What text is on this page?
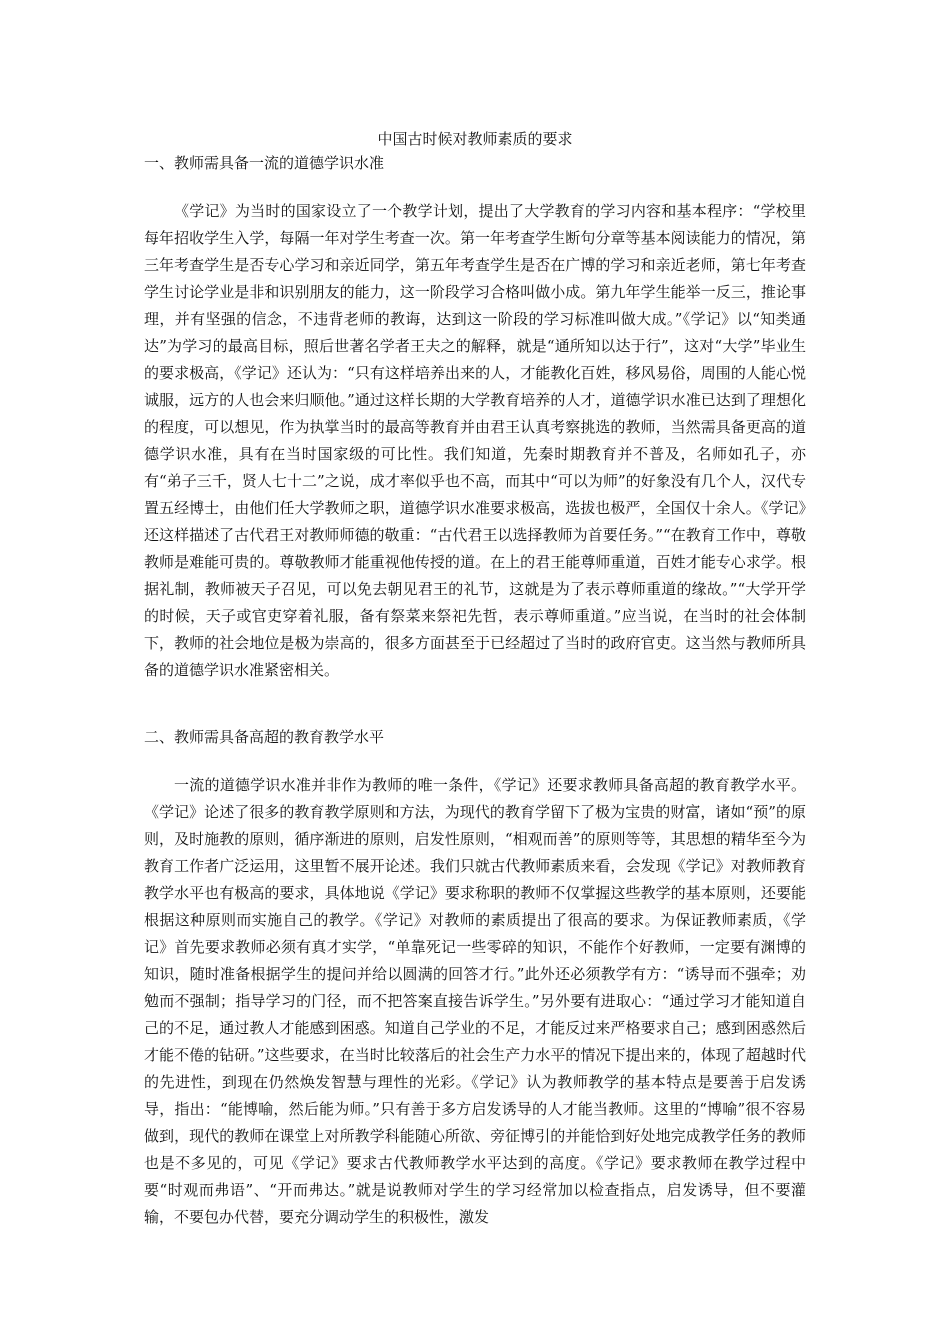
中国古时候对教师素质的要求
一、教师需具备一流的道德学识水准

《学记》为当时的国家设立了一个教学计划，提出了大学教育的学习内容和基本程序：“学校里每年招收学生入学，每隔一年对学生考查一次。第一年考查学生断句分章等基本阅读能力的情况，第三年考查学生是否专心学习和亲近同学，第五年考查学生是否在广博的学习和亲近老师，第七年考查学生讨论学业是非和识别朋友的能力，这一阶段学习合格叫做小成。第九年学生能举一反三，推论事理，并有坚强的信念，不违背老师的教诲，达到这一阶段的学习标准叫做大成。”《学记》以“知类通达”为学习的最高目标，照后世著名学者王夫之的解释，就是“通所知以达于行”，这对“大学”毕业生的要求极高，《学记》还认为：“只有这样培养出来的人，才能教化百姓，移风易俗，周围的人能心悦诚服，远方的人也会来归顺他。”通过这样长期的大学教育培养的人才，道德学识水准已达到了理想化的程度，可以想见，作为执掌当时的最高等教育并由君王认真考察挑选的教师，当然需具备更高的道德学识水准，具有在当时国家级的可比性。我们知道，先秦时期教育并不普及，名师如孔子，亦有“弟子三千，贤人七十二”之说，成才率似乎也不高，而其中“可以为师”的好象没有几个人，汉代专置五经博士，由他们任大学教师之职，道德学识水准要求极高，选拔也极严，全国仅十余人。《学记》还这样描述了古代君王对教师师德的敬重：“古代君王以选择教师为首要任务。”“在教育工作中，尊敬教师是难能可贵的。尊敬教师才能重视他传授的道。在上的君王能尊师重道，百姓才能专心求学。根据礼制，教师被天子召见，可以免去朝见君王的礼节，这就是为了表示尊师重道的缘故。”“大学开学的时候，天子或官吏穿着礼服，备有祭菜来祭祀先哲，表示尊师重道。”应当说，在当时的社会体制下，教师的社会地位是极为崇高的，很多方面甚至于已经超过了当时的政府官吏。这当然与教师所具备的道德学识水准紧密相关。

二、教师需具备高超的教育教学水平

一流的道德学识水准并非作为教师的唯一条件，《学记》还要求教师具备高超的教育教学水平。《学记》论述了很多的教育教学原则和方法，为现代的教育学留下了极为宝贵的财富，诸如“预”的原则，及时施教的原则，循序渐进的原则，启发性原则，“相观而善”的原则等等，其思想的精华至今为教育工作者广泛运用，这里暂不展开论述。我们只就古代教师素质来看，会发现《学记》对教师教育教学水平也有极高的要求，具体地说《学记》要求称职的教师不仅掌握这些教学的基本原则，还要能根据这种原则而实施自己的教学。《学记》对教师的素质提出了很高的要求。为保证教师素质，《学记》首先要求教师必须有真才实学，“单靠死记一些零碎的知识，不能作个好教师，一定要有渊博的知识，随时准备根据学生的提问并给以圆满的回答才行。”此外还必须教学有方：“诱导而不强牵；劝勉而不强制；指导学习的门径，而不把答案直接告诉学生。”另外要有进取心：“通过学习才能知道自己的不足，通过教人才能感到困惑。知道自己学业的不足，才能反过来严格要求自己；感到困惑然后才能不倦的钻研。”这些要求，在当时比较落后的社会生产力水平的情况下提出来的，体现了超越时代的先进性，到现在仍然焕发智慧与理性的光彩。《学记》认为教师教学的基本特点是要善于启发诱导，指出：“能博喻，然后能为师。”只有善于多方启发诱导的人才能当教师。这里的“博喻”很不容易做到，现代的教师在课堂上对所教学科能随心所欲、旁征博引的并能恰到好处地完成教学任务的教师也是不多见的，可见《学记》要求古代教师教学水平达到的高度。《学记》要求教师在教学过程中要“时观而弗语”、“开而弗达。”就是说教师对学生的学习经常加以检查指点，启发诱导，但不要灌输，不要包办代替，要充分调动学生的积极性，激发
